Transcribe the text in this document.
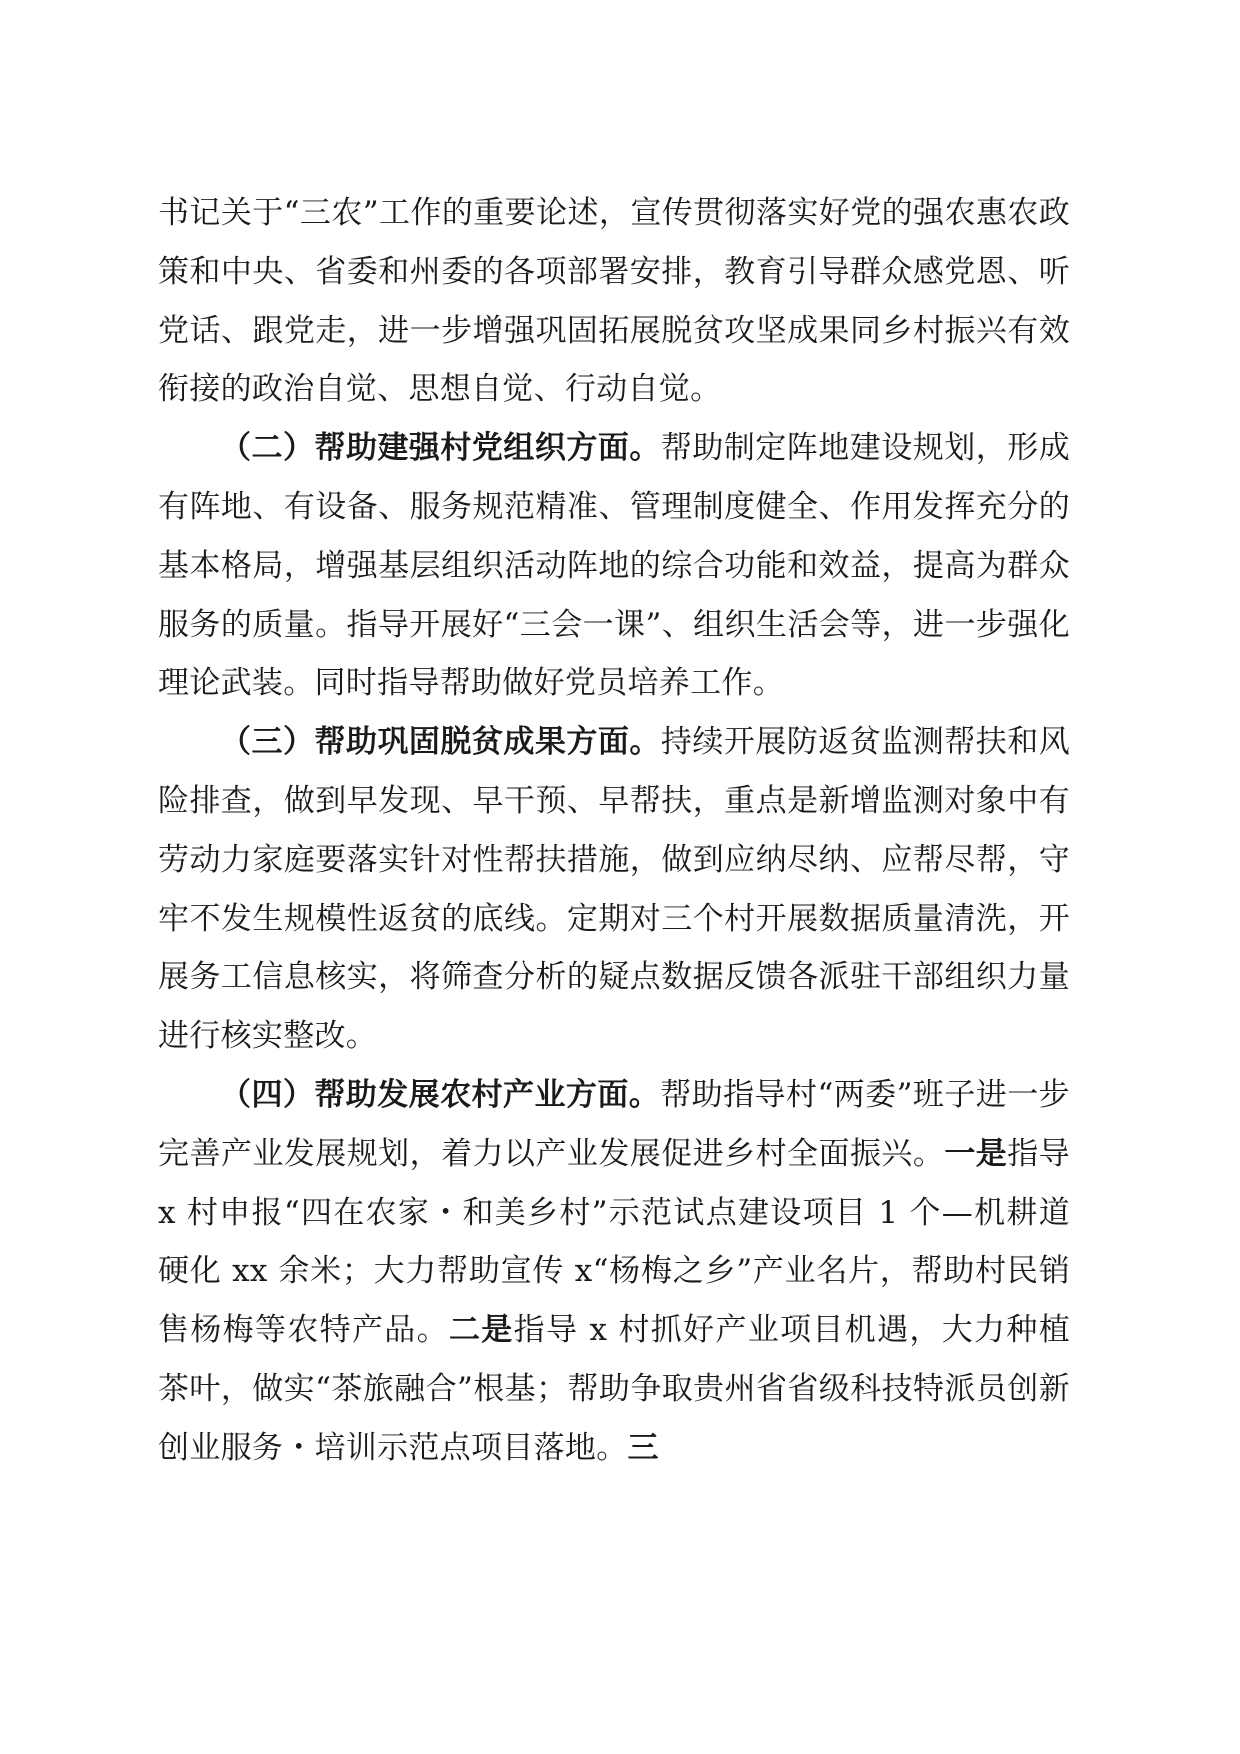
书记关于“三农”工作的重要论述，宣传贯彻落实好党的强农惠农政策和中央、省委和州委的各项部署安排，教育引导群众感党恩、听党话、跟党走，进一步增强巩固拓展脱贫攻坚成果同乡村振兴有效衔接的政治自觉、思想自觉、行动自觉。

（二）帮助建强村党组织方面。帮助制定阵地建设规划，形成有阵地、有设备、服务规范精准、管理制度健全、作用发挥充分的基本格局，增强基层组织活动阵地的综合功能和效益，提高为群众服务的质量。指导开展好“三会一课”、组织生活会等，进一步强化理论武装。同时指导帮助做好党员培养工作。

（三）帮助巩固脱贫成果方面。持续开展防返贫监测帮扶和风险排查，做到早发现、早干预、早帮扶，重点是新增监测对象中有劳动力家庭要落实针对性帮扶措施，做到应纳尽纳、应帮尽帮，守牢不发生规模性返贫的底线。定期对三个村开展数据质量清洗，开展务工信息核实，将筛查分析的疑点数据反馈各派驻干部组织力量进行核实整改。

（四）帮助发展农村产业方面。帮助指导村“两委”班子进一步完善产业发展规划，着力以产业发展促进乡村全面振兴。一是指导 x 村申报“四在农家・和美乡村”示范试点建设项目 1 个—机耕道硬化 xx 余米；大力帮助宣传 x“杨梅之乡”产业名片，帮助村民销售杨梅等农特产品。二是指导 x 村抓好产业项目机遇，大力种植茶叶，做实“茶旅融合”根基；帮助争取贵州省省级科技特派员创新创业服务・培训示范点项目落地。三
